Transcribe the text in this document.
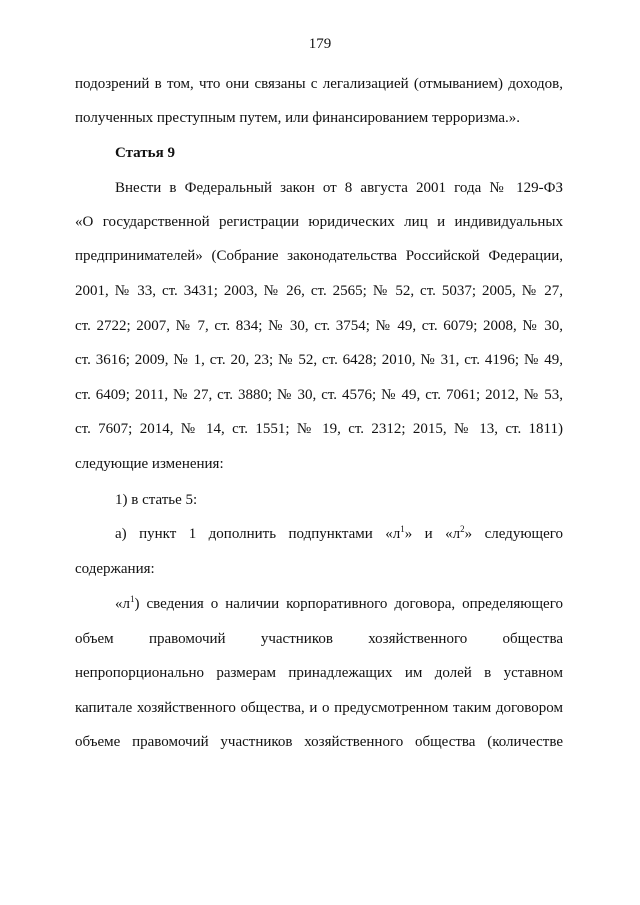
179

подозрений в том, что они связаны с легализацией (отмыванием) доходов,

полученных преступным путем, или финансированием терроризма.».

Статья 9

Внести в Федеральный закон от 8 августа 2001 года № 129-ФЗ

«О государственной регистрации юридических лиц и индивидуальных

предпринимателей» (Собрание законодательства Российской Федерации,

2001, № 33, ст. 3431; 2003, № 26, ст. 2565; № 52, ст. 5037; 2005, № 27,

ст. 2722; 2007, № 7, ст. 834; № 30, ст. 3754; № 49, ст. 6079; 2008, № 30,

ст. 3616; 2009, № 1, ст. 20, 23; № 52, ст. 6428; 2010, № 31, ст. 4196; № 49,

ст. 6409; 2011, № 27, ст. 3880; № 30, ст. 4576; № 49, ст. 7061; 2012, № 53,

ст. 7607; 2014, № 14, ст. 1551; № 19, ст. 2312; 2015, № 13, ст. 1811)

следующие изменения:

1) в статье 5:

а) пункт 1 дополнить подпунктами «$л^1$» и «$л^2$» следующего

содержания:

«$л^1$) сведения о наличии корпоративного договора, определяющего

объем правомочий участников хозяйственного общества

непропорционально размерам принадлежащих им долей в уставном

капитале хозяйственного общества, и о предусмотренном таким договором

объеме правомочий участников хозяйственного общества (количестве
